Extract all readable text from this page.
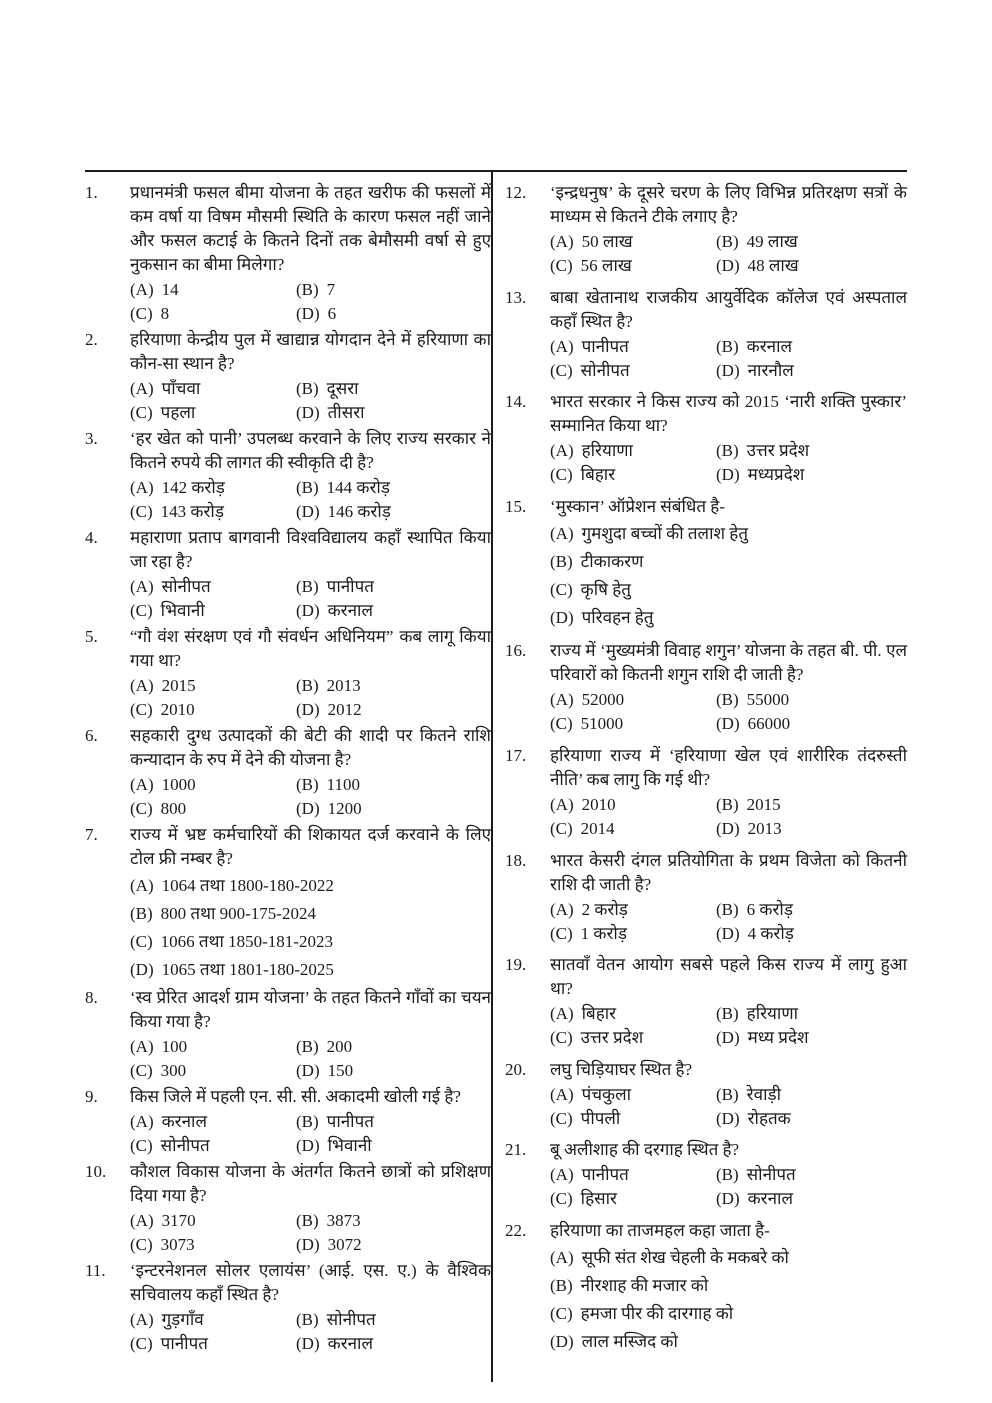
1.	प्रधानमंत्री फसल बीमा योजना के तहत खरीफ की फसलों में कम वर्षा या विषम मौसमी स्थिति के कारण फसल नहीं जाने और फसल कटाई के कितने दिनों तक बेमौसमी वर्षा से हुए नुकसान का बीमा मिलेगा?
(A) 14	(B) 7
(C) 8	(D) 6
2.	हरियाणा केन्द्रीय पुल में खाद्यान्न योगदान देने में हरियाणा का कौन-सा स्थान है?
(A) पाँचवा	(B) दूसरा
(C) पहला	(D) तीसरा
3.	‘हर खेत को पानी’ उपलब्ध करवाने के लिए राज्य सरकार ने कितने रुपये की लागत की स्वीकृति दी है?
(A) 142 करोड़	(B) 144 करोड़
(C) 143 करोड़	(D) 146 करोड़
4.	महाराणा प्रताप बागवानी विश्वविद्यालय कहाँ स्थापित किया जा रहा है?
(A) सोनीपत	(B) पानीपत
(C) भिवानी	(D) करनाल
5.	“गौ वंश संरक्षण एवं गौ संवर्धन अधिनियम” कब लागू किया गया था?
(A) 2015	(B) 2013
(C) 2010	(D) 2012
6.	सहकारी दुग्ध उत्पादकों की बेटी की शादी पर कितने राशि कन्यादान के रुप में देने की योजना है?
(A) 1000	(B) 1100
(C) 800	(D) 1200
7.	राज्य में भ्रष्ट कर्मचारियों की शिकायत दर्ज करवाने के लिए टोल फ्री नम्बर है?
(A) 1064 तथा 1800-180-2022
(B) 800 तथा 900-175-2024
(C) 1066 तथा 1850-181-2023
(D) 1065 तथा 1801-180-2025
8.	‘स्व प्रेरित आदर्श ग्राम योजना’ के तहत कितने गाँवों का चयन किया गया है?
(A) 100	(B) 200
(C) 300	(D) 150
9.	किस जिले में पहली एन. सी. सी. अकादमी खोली गई है?
(A) करनाल	(B) पानीपत
(C) सोनीपत	(D) भिवानी
10.	कौशल विकास योजना के अंतर्गत कितने छात्रों को प्रशिक्षण दिया गया है?
(A) 3170	(B) 3873
(C) 3073	(D) 3072
11.	‘इन्टरनेशनल सोलर एलायंस’ (आई. एस. ए.) के वैश्विक सचिवालय कहाँ स्थित है?
(A) गुड़गाँव	(B) सोनीपत
(C) पानीपत	(D) करनाल
12.	‘इन्द्रधनुष’ के दूसरे चरण के लिए विभिन्न प्रतिरक्षण सत्रों के माध्यम से कितने टीके लगाए है?
(A) 50 लाख	(B) 49 लाख
(C) 56 लाख	(D) 48 लाख
13.	बाबा खेतानाथ राजकीय आयुर्वेदिक कॉलेज एवं अस्पताल कहाँ स्थित है?
(A) पानीपत	(B) करनाल
(C) सोनीपत	(D) नारनौल
14.	भारत सरकार ने किस राज्य को 2015 ‘नारी शक्ति पुस्कार’ सम्मानित किया था?
(A) हरियाणा	(B) उत्तर प्रदेश
(C) बिहार	(D) मध्यप्रदेश
15.	‘मुस्कान’ ऑप्रेशन संबंधित है-
(A) गुमशुदा बच्चों की तलाश हेतु
(B) टीकाकरण
(C) कृषि हेतु
(D) परिवहन हेतु
16.	राज्य में ‘मुख्यमंत्री विवाह शगुन’ योजना के तहत बी. पी. एल परिवारों को कितनी शगुन राशि दी जाती है?
(A) 52000	(B) 55000
(C) 51000	(D) 66000
17.	हरियाणा राज्य में ‘हरियाणा खेल एवं शारीरिक तंदरुस्ती नीति’ कब लागु कि गई थी?
(A) 2010	(B) 2015
(C) 2014	(D) 2013
18.	भारत केसरी दंगल प्रतियोगिता के प्रथम विजेता को कितनी राशि दी जाती है?
(A) 2 करोड़	(B) 6 करोड़
(C) 1 करोड़	(D) 4 करोड़
19.	सातवाँ वेतन आयोग सबसे पहले किस राज्य में लागु हुआ था?
(A) बिहार	(B) हरियाणा
(C) उत्तर प्रदेश	(D) मध्य प्रदेश
20.	लघु चिड़ियाघर स्थित है?
(A) पंचकुला	(B) रेवाड़ी
(C) पीपली	(D) रोहतक
21.	बू अलीशाह की दरगाह स्थित है?
(A) पानीपत	(B) सोनीपत
(C) हिसार	(D) करनाल
22.	हरियाणा का ताजमहल कहा जाता है-
(A) सूफी संत शेख चेहली के मकबरे को
(B) नीरशाह की मजार को
(C) हमजा पीर की दारगाह को
(D) लाल मस्जिद को
